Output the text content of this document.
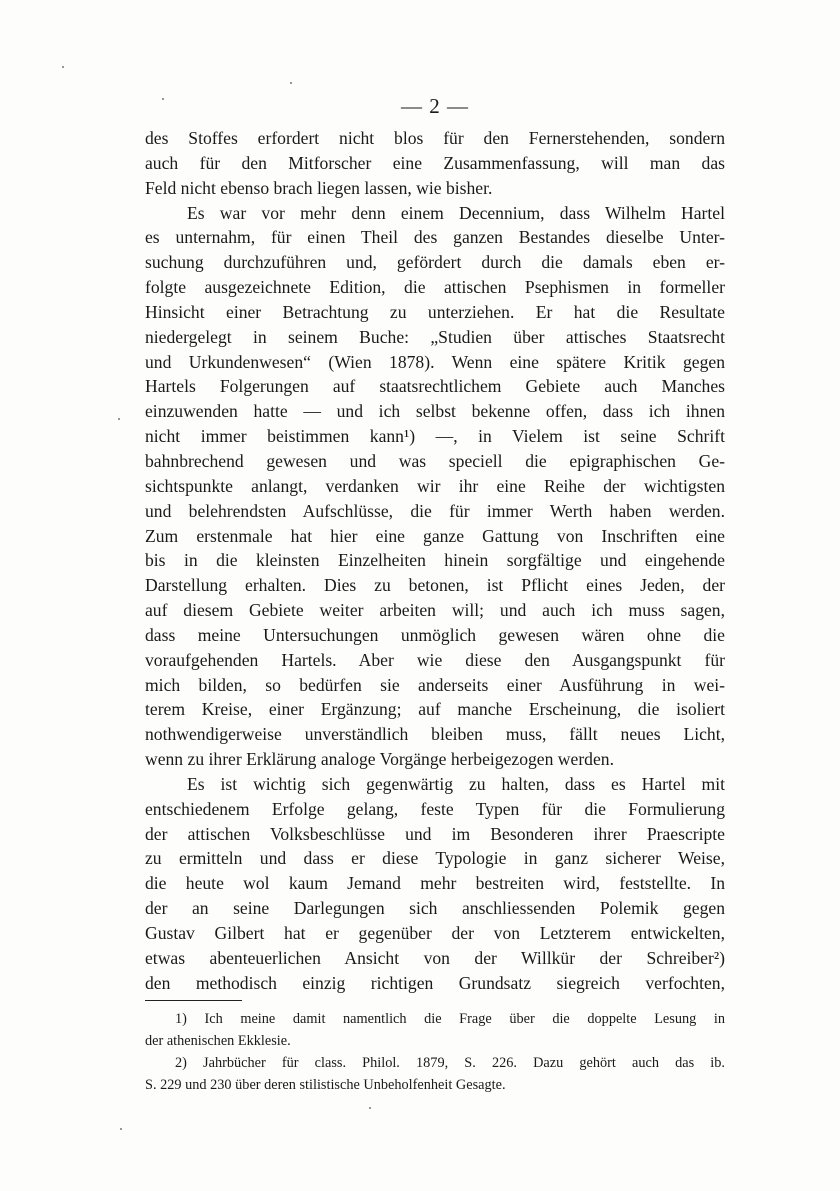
— 2 —
des Stoffes erfordert nicht blos für den Fernerstehenden, sondern
auch für den Mitforscher eine Zusammenfassung, will man das
Feld nicht ebenso brach liegen lassen, wie bisher.
Es war vor mehr denn einem Decennium, dass Wilhelm Hartel
es unternahm, für einen Theil des ganzen Bestandes dieselbe Unter-
suchung durchzuführen und, gefördert durch die damals eben er-
folgte ausgezeichnete Edition, die attischen Psephismen in formeller
Hinsicht einer Betrachtung zu unterziehen. Er hat die Resultate
niedergelegt in seinem Buche: „Studien über attisches Staatsrecht
und Urkundenwesen“ (Wien 1878). Wenn eine spätere Kritik gegen
Hartels Folgerungen auf staatsrechtlichem Gebiete auch Manches
einzuwenden hatte — und ich selbst bekenne offen, dass ich ihnen
nicht immer beistimmen kann¹) —, in Vielem ist seine Schrift
bahnbrechend gewesen und was speciell die epigraphischen Ge-
sichtspunkte anlangt, verdanken wir ihr eine Reihe der wichtigsten
und belehrendsten Aufschlüsse, die für immer Werth haben werden.
Zum erstenmale hat hier eine ganze Gattung von Inschriften eine
bis in die kleinsten Einzelheiten hinein sorgfältige und eingehende
Darstellung erhalten. Dies zu betonen, ist Pflicht eines Jeden, der
auf diesem Gebiete weiter arbeiten will; und auch ich muss sagen,
dass meine Untersuchungen unmöglich gewesen wären ohne die
voraufgehenden Hartels. Aber wie diese den Ausgangspunkt für
mich bilden, so bedürfen sie anderseits einer Ausführung in wei-
terem Kreise, einer Ergänzung; auf manche Erscheinung, die isoliert
nothwendigerweise unverständlich bleiben muss, fällt neues Licht,
wenn zu ihrer Erklärung analoge Vorgänge herbeigezogen werden.
Es ist wichtig sich gegenwärtig zu halten, dass es Hartel mit
entschiedenem Erfolge gelang, feste Typen für die Formulierung
der attischen Volksbeschlüsse und im Besonderen ihrer Praescripte
zu ermitteln und dass er diese Typologie in ganz sicherer Weise,
die heute wol kaum Jemand mehr bestreiten wird, feststellte. In
der an seine Darlegungen sich anschliessenden Polemik gegen
Gustav Gilbert hat er gegenüber der von Letzterem entwickelten,
etwas abenteuerlichen Ansicht von der Willkür der Schreiber²)
den methodisch einzig richtigen Grundsatz siegreich verfochten,
1) Ich meine damit namentlich die Frage über die doppelte Lesung in
der athenischen Ekklesie.
2) Jahrbücher für class. Philol. 1879, S. 226. Dazu gehört auch das ib.
S. 229 und 230 über deren stilistische Unbeholfenheit Gesagte.
